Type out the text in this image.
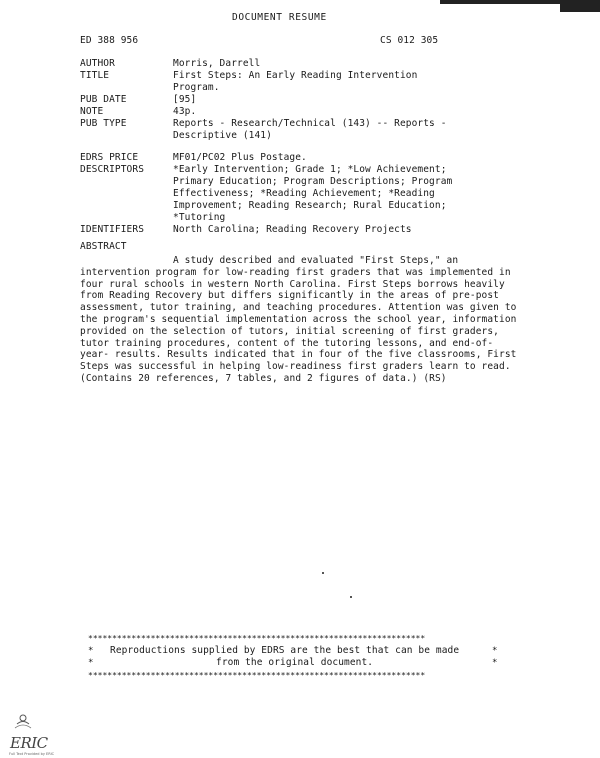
DOCUMENT RESUME
ED 388 956	CS 012 305
AUTHOR	Morris, Darrell
TITLE	First Steps: An Early Reading Intervention
Program.
PUB DATE	[95]
NOTE	43p.
PUB TYPE	Reports - Research/Technical (143) -- Reports -
Descriptive (141)
EDRS PRICE	MF01/PC02 Plus Postage.
DESCRIPTORS	*Early Intervention; Grade 1; *Low Achievement;
Primary Education; Program Descriptions; Program
Effectiveness; *Reading Achievement; *Reading
Improvement; Reading Research; Rural Education;
*Tutoring
IDENTIFIERS	North Carolina; Reading Recovery Projects
ABSTRACT

A study described and evaluated "First Steps," an intervention program for low-reading first graders that was implemented in four rural schools in western North Carolina. First Steps borrows heavily from Reading Recovery but differs significantly in the areas of pre-post assessment, tutor training, and teaching procedures. Attention was given to the program's sequential implementation across the school year, information provided on the selection of tutors, initial screening of first graders, tutor training procedures, content of the tutoring lessons, and end-of-year- results. Results indicated that in four of the five classrooms, First Steps was successful in helping low-readiness first graders learn to read. (Contains 20 references, 7 tables, and 2 figures of data.) (RS)

**********************************************************************

*

Reproductions supplied by EDRS are the best that can be made

	*

*

	from the original document.

	*

**********************************************************************
ERIC
Full Text Provided by ERIC
